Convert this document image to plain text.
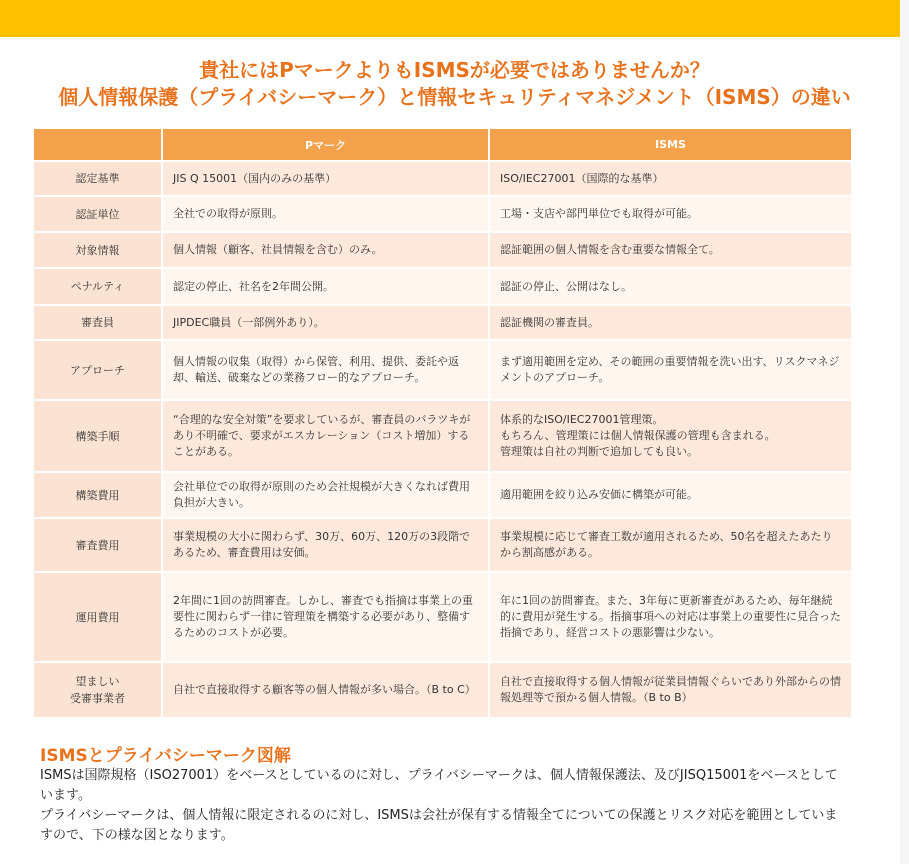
貴社にはPマークよりもISMSが必要ではありませんか？
個人情報保護（プライバシーマーク）と情報セキュリティマネジメント（ISMS）の違い
	Pマーク	ISMS
認定基準	JIS Q 15001（国内のみの基準）	ISO/IEC27001（国際的な基準）
認証単位	全社での取得が原則。	工場・支店や部門単位でも取得が可能。
対象情報	個人情報（顧客、社員情報を含む）のみ。	認証範囲の個人情報を含む重要な情報全て。
ペナルティ	認定の停止、社名を2年間公開。	認証の停止、公開はなし。
審査員	JIPDEC職員（一部例外あり）。	認証機関の審査員。
アプローチ	個人情報の収集（取得）から保管、利用、提供、委託や返却、輸送、破棄などの業務フロー的なアプローチ。	まず適用範囲を定め、その範囲の重要情報を洗い出す、リスクマネジメントのアプローチ。
構築手順	“合理的な安全対策”を要求しているが、審査員のバラツキがあり不明確で、要求がエスカレーション（コスト増加）することがある。	体系的なISO/IEC27001管理策。
もちろん、管理策には個人情報保護の管理も含まれる。
管理策は自社の判断で追加しても良い。
構築費用	会社単位での取得が原則のため会社規模が大きくなれば費用負担が大きい。	適用範囲を絞り込み安価に構築が可能。
審査費用	事業規模の大小に関わらず、30万、60万、120万の3段階であるため、審査費用は安価。	事業規模に応じて審査工数が適用されるため、50名を超えたあたりから割高感がある。
運用費用	2年間に1回の訪問審査。しかし、審査でも指摘は事業上の重要性に関わらず一律に管理策を構築する必要があり、整備するためのコストが必要。	年に1回の訪問審査。また、3年毎に更新審査があるため、毎年継続的に費用が発生する。指摘事項への対応は事業上の重要性に見合った指摘であり、経営コストの悪影響は少ない。
望ましい
受審事業者	自社で直接取得する顧客等の個人情報が多い場合。（B to C）	自社で直接取得する個人情報が従業員情報ぐらいであり外部からの情報処理等で預かる個人情報。（B to B）
ISMSとプライバシーマーク図解
ISMSは国際規格（ISO27001）をベースとしているのに対し、プライバシーマークは、個人情報保護法、及びJISQ15001をベースとしています。
プライバシーマークは、個人情報に限定されるのに対し、ISMSは会社が保有する情報全てについての保護とリスク対応を範囲としていますので、下の様な図となります。
